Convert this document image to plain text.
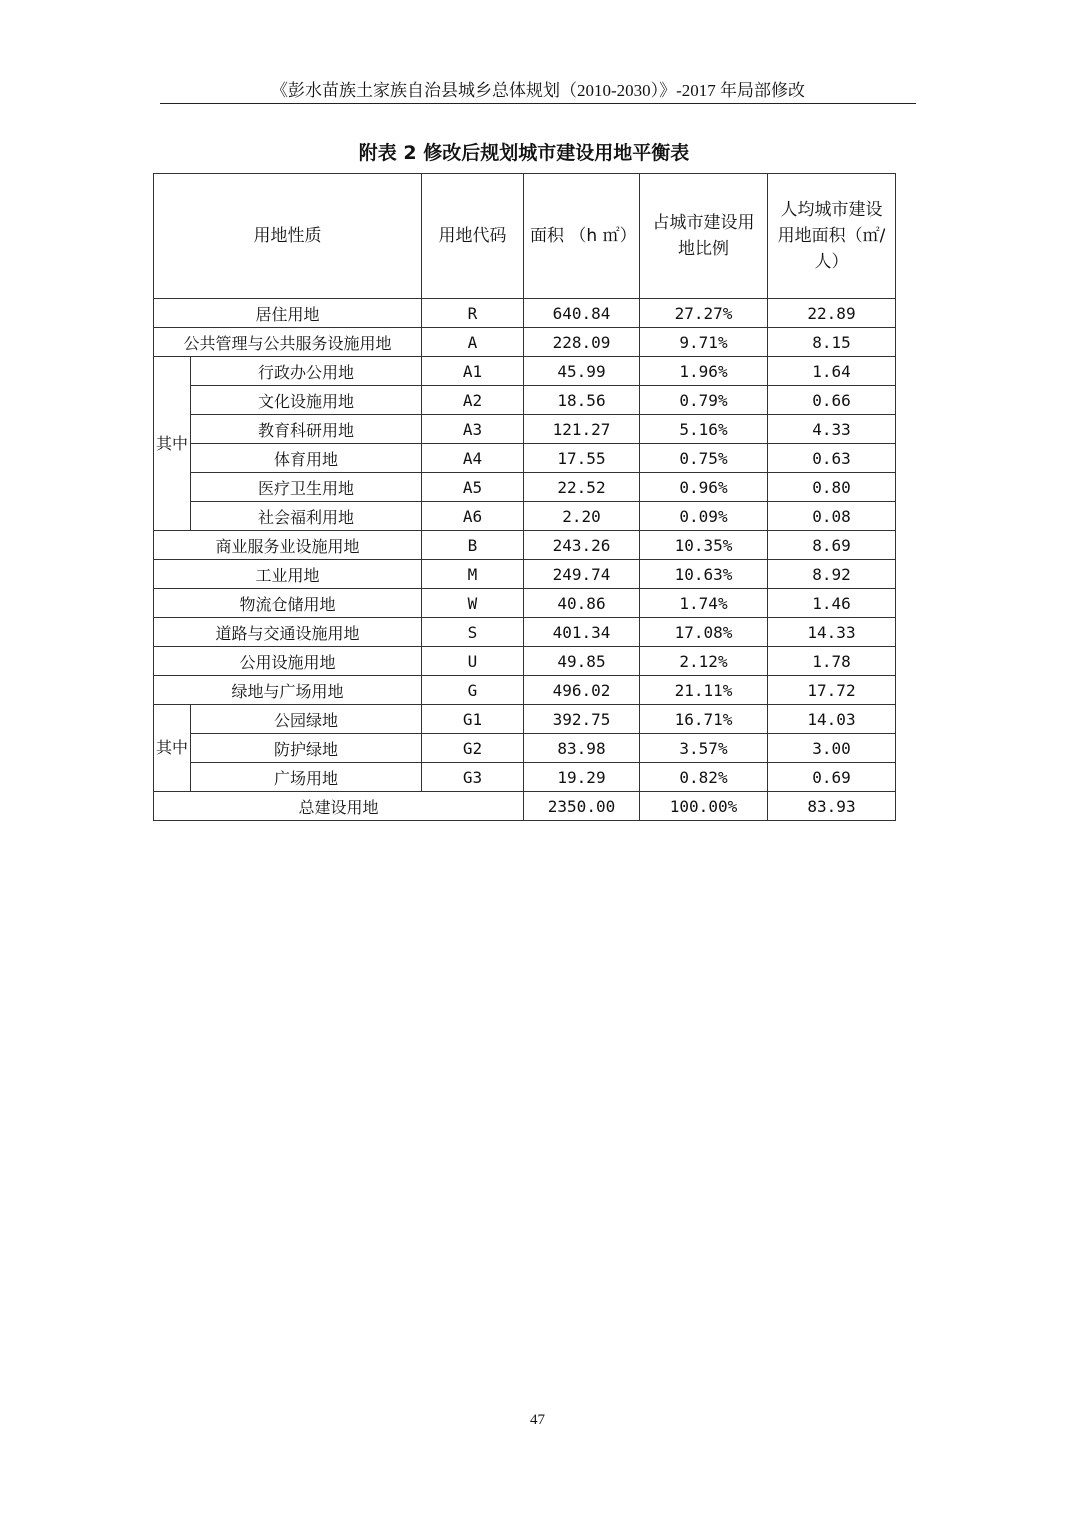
《彭水苗族土家族自治县城乡总体规划（2010-2030）》-2017 年局部修改
附表 2 修改后规划城市建设用地平衡表
用地性质		用地代码	面积 （h ㎡）	占城市建设用地比例	人均城市建设用地面积（㎡/人）

居住用地		R	640.84	27.27%	22.89
公共管理与公共服务设施用地		A	228.09	9.71%	8.15
其中	行政办公用地	A1	45.99	1.96%	1.64
	文化设施用地	A2	18.56	0.79%	0.66
	教育科研用地	A3	121.27	5.16%	4.33
	体育用地	A4	17.55	0.75%	0.63
	医疗卫生用地	A5	22.52	0.96%	0.80
	社会福利用地	A6	2.20	0.09%	0.08
商业服务业设施用地		B	243.26	10.35%	8.69
工业用地		M	249.74	10.63%	8.92
物流仓储用地		W	40.86	1.74%	1.46
道路与交通设施用地		S	401.34	17.08%	14.33
公用设施用地		U	49.85	2.12%	1.78
绿地与广场用地		G	496.02	21.11%	17.72
其中	公园绿地	G1	392.75	16.71%	14.03
	防护绿地	G2	83.98	3.57%	3.00
	广场用地	G3	19.29	0.82%	0.69
总建设用地			2350.00	100.00%	83.93
47
